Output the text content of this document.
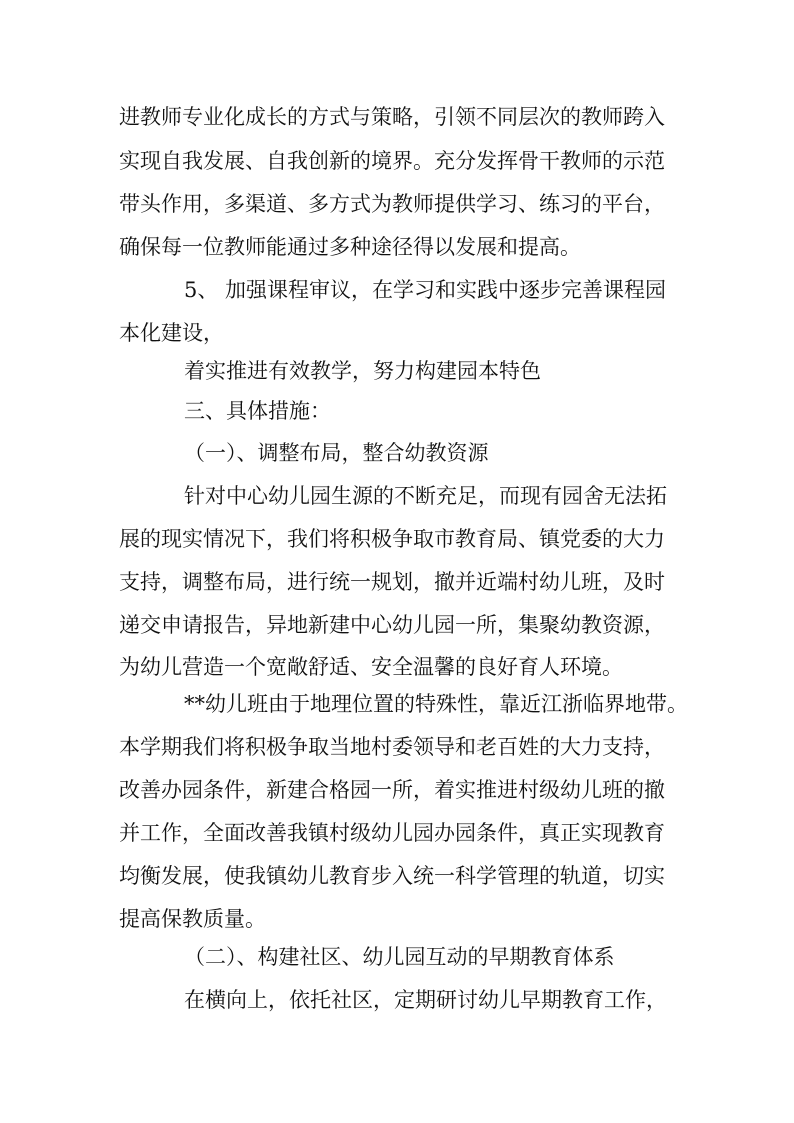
进教师专业化成长的方式与策略，引领不同层次的教师跨入
实现自我发展、自我创新的境界。充分发挥骨干教师的示范
带头作用，多渠道、多方式为教师提供学习、练习的平台，
确保每一位教师能通过多种途径得以发展和提高。
5、 加强课程审议，在学习和实践中逐步完善课程园
本化建设，
着实推进有效教学，努力构建园本特色
三、具体措施：
（一）、调整布局，整合幼教资源
针对中心幼儿园生源的不断充足，而现有园舍无法拓
展的现实情况下，我们将积极争取市教育局、镇党委的大力
支持，调整布局，进行统一规划，撤并近端村幼儿班，及时
递交申请报告，异地新建中心幼儿园一所，集聚幼教资源，
为幼儿营造一个宽敞舒适、安全温馨的良好育人环境。
**幼儿班由于地理位置的特殊性，靠近江浙临界地带。
本学期我们将积极争取当地村委领导和老百姓的大力支持，
改善办园条件，新建合格园一所，着实推进村级幼儿班的撤
并工作，全面改善我镇村级幼儿园办园条件，真正实现教育
均衡发展，使我镇幼儿教育步入统一科学管理的轨道，切实
提高保教质量。
（二）、构建社区、幼儿园互动的早期教育体系
在横向上，依托社区，定期研讨幼儿早期教育工作，
